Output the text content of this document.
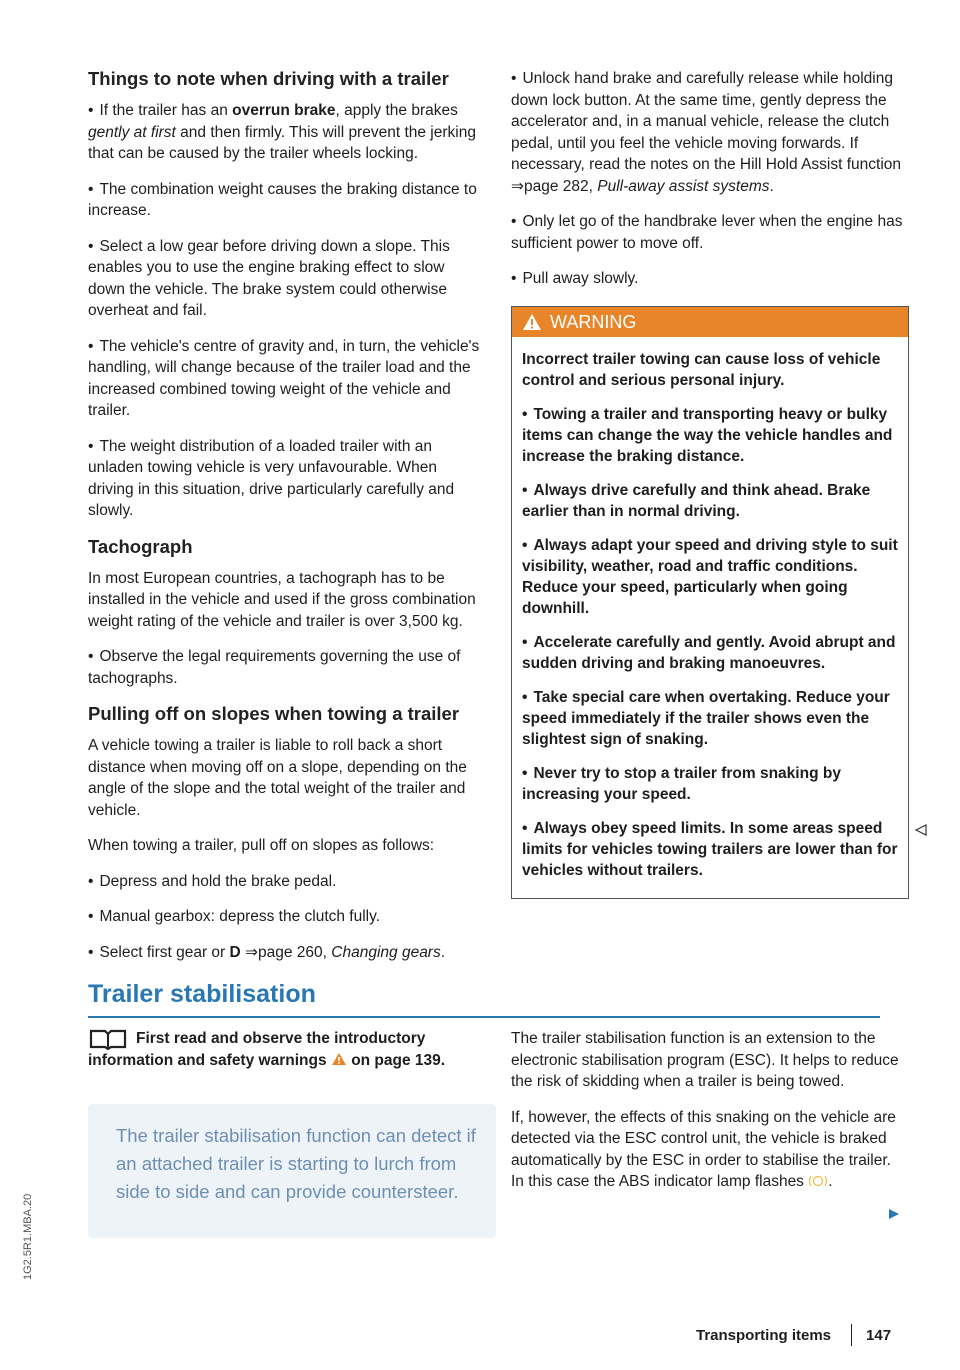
Things to note when driving with a trailer

• If the trailer has an overrun brake, apply the brakes gently at first and then firmly. This will prevent the jerking that can be caused by the trailer wheels locking.

• The combination weight causes the braking distance to increase.

• Select a low gear before driving down a slope. This enables you to use the engine braking effect to slow down the vehicle. The brake system could otherwise overheat and fail.

• The vehicle's centre of gravity and, in turn, the vehicle's handling, will change because of the trailer load and the increased combined towing weight of the vehicle and trailer.

• The weight distribution of a loaded trailer with an unladen towing vehicle is very unfavourable. When driving in this situation, drive particularly carefully and slowly.

Tachograph

In most European countries, a tachograph has to be installed in the vehicle and used if the gross combination weight rating of the vehicle and trailer is over 3,500 kg.

• Observe the legal requirements governing the use of tachographs.

Pulling off on slopes when towing a trailer

A vehicle towing a trailer is liable to roll back a short distance when moving off on a slope, depending on the angle of the slope and the total weight of the trailer and vehicle.

When towing a trailer, pull off on slopes as follows:

• Depress and hold the brake pedal.

• Manual gearbox: depress the clutch fully.

• Select first gear or D ⇒page 260, Changing gears.

• Unlock hand brake and carefully release while holding down lock button. At the same time, gently depress the accelerator and, in a manual vehicle, release the clutch pedal, until you feel the vehicle moving forwards. If necessary, read the notes on the Hill Hold Assist function ⇒page 282, Pull-away assist systems.

• Only let go of the handbrake lever when the engine has sufficient power to move off.

• Pull away slowly.

WARNING

Incorrect trailer towing can cause loss of vehicle control and serious personal injury.

• Towing a trailer and transporting heavy or bulky items can change the way the vehicle handles and increase the braking distance.

• Always drive carefully and think ahead. Brake earlier than in normal driving.

• Always adapt your speed and driving style to suit visibility, weather, road and traffic conditions. Reduce your speed, particularly when going downhill.

• Accelerate carefully and gently. Avoid abrupt and sudden driving and braking manoeuvres.

• Take special care when overtaking. Reduce your speed immediately if the trailer shows even the slightest sign of snaking.

• Never try to stop a trailer from snaking by increasing your speed.

• Always obey speed limits. In some areas speed limits for vehicles towing trailers are lower than for vehicles without trailers.

Trailer stabilisation
First read and observe the introductory information and safety warnings on page 139.

The trailer stabilisation function can detect if an attached trailer is starting to lurch from side to side and can provide countersteer.

The trailer stabilisation function is an extension to the electronic stabilisation program (ESC). It helps to reduce the risk of skidding when a trailer is being towed.

If, however, the effects of this snaking on the vehicle are detected via the ESC control unit, the vehicle is braked automatically by the ESC in order to stabilise the trailer. In this case the ABS indicator lamp flashes .

1G2.5R1.MBA.20
Transporting items 147
